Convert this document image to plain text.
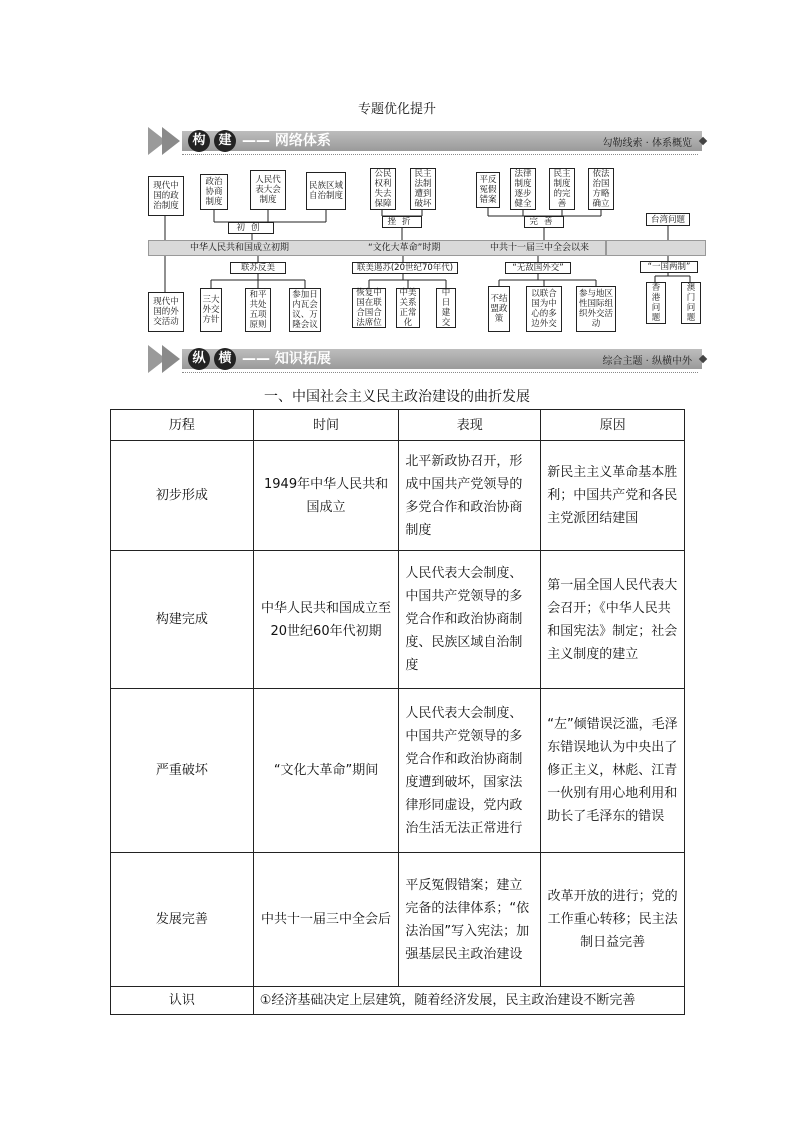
专题优化提升
构 建 —— 网络体系	勾勒线索 · 体系概览
现代中国的政治制度
现代中国的外交活动
政治协商制度
人民代表大会制度
民族区域自治制度
初创
公民权利失去保障
民主法制遭到破坏
挫折
平反冤假错案
法律制度逐步健全
民主制度的完善
依法治国方略确立
完善	台湾问题
“一国两制”
香港问题
澳门问题
中华人民共和国成立初期	“文化大革命”时期	中共十一届三中全会以来
联苏反美
三大外交方针
和平共处五项原则
参加日内瓦会议、万隆会议
联美遏苏(20世纪70年代)
恢复中国在联合国合法席位
中美关系正常化
中日建交
“无敌国外交”
不结盟政策
以联合国为中心的多边外交
参与地区性国际组织外交活动
纵 横 —— 知识拓展	综合主题 · 纵横中外
一、中国社会主义民主政治建设的曲折发展
历程	时间	表现	原因
初步形成	1949年中华人民共和国成立	北平新政协召开，形成中国共产党领导的多党合作和政治协商制度	新民主主义革命基本胜利；中国共产党和各民主党派团结建国
构建完成	中华人民共和国成立至20世纪60年代初期	人民代表大会制度、中国共产党领导的多党合作和政治协商制度、民族区域自治制度	第一届全国人民代表大会召开；《中华人民共和国宪法》制定；社会主义制度的建立
严重破坏	“文化大革命”期间	人民代表大会制度、中国共产党领导的多党合作和政治协商制度遭到破坏，国家法律形同虚设，党内政治生活无法正常进行	“左”倾错误泛滥，毛泽东错误地认为中央出了修正主义，林彪、江青一伙别有用心地利用和助长了毛泽东的错误
发展完善	中共十一届三中全会后	平反冤假错案；建立完备的法律体系；“依法治国”写入宪法；加强基层民主政治建设	改革开放的进行；党的工作重心转移；民主法制日益完善
认识	①经济基础决定上层建筑，随着经济发展，民主政治建设不断完善		
